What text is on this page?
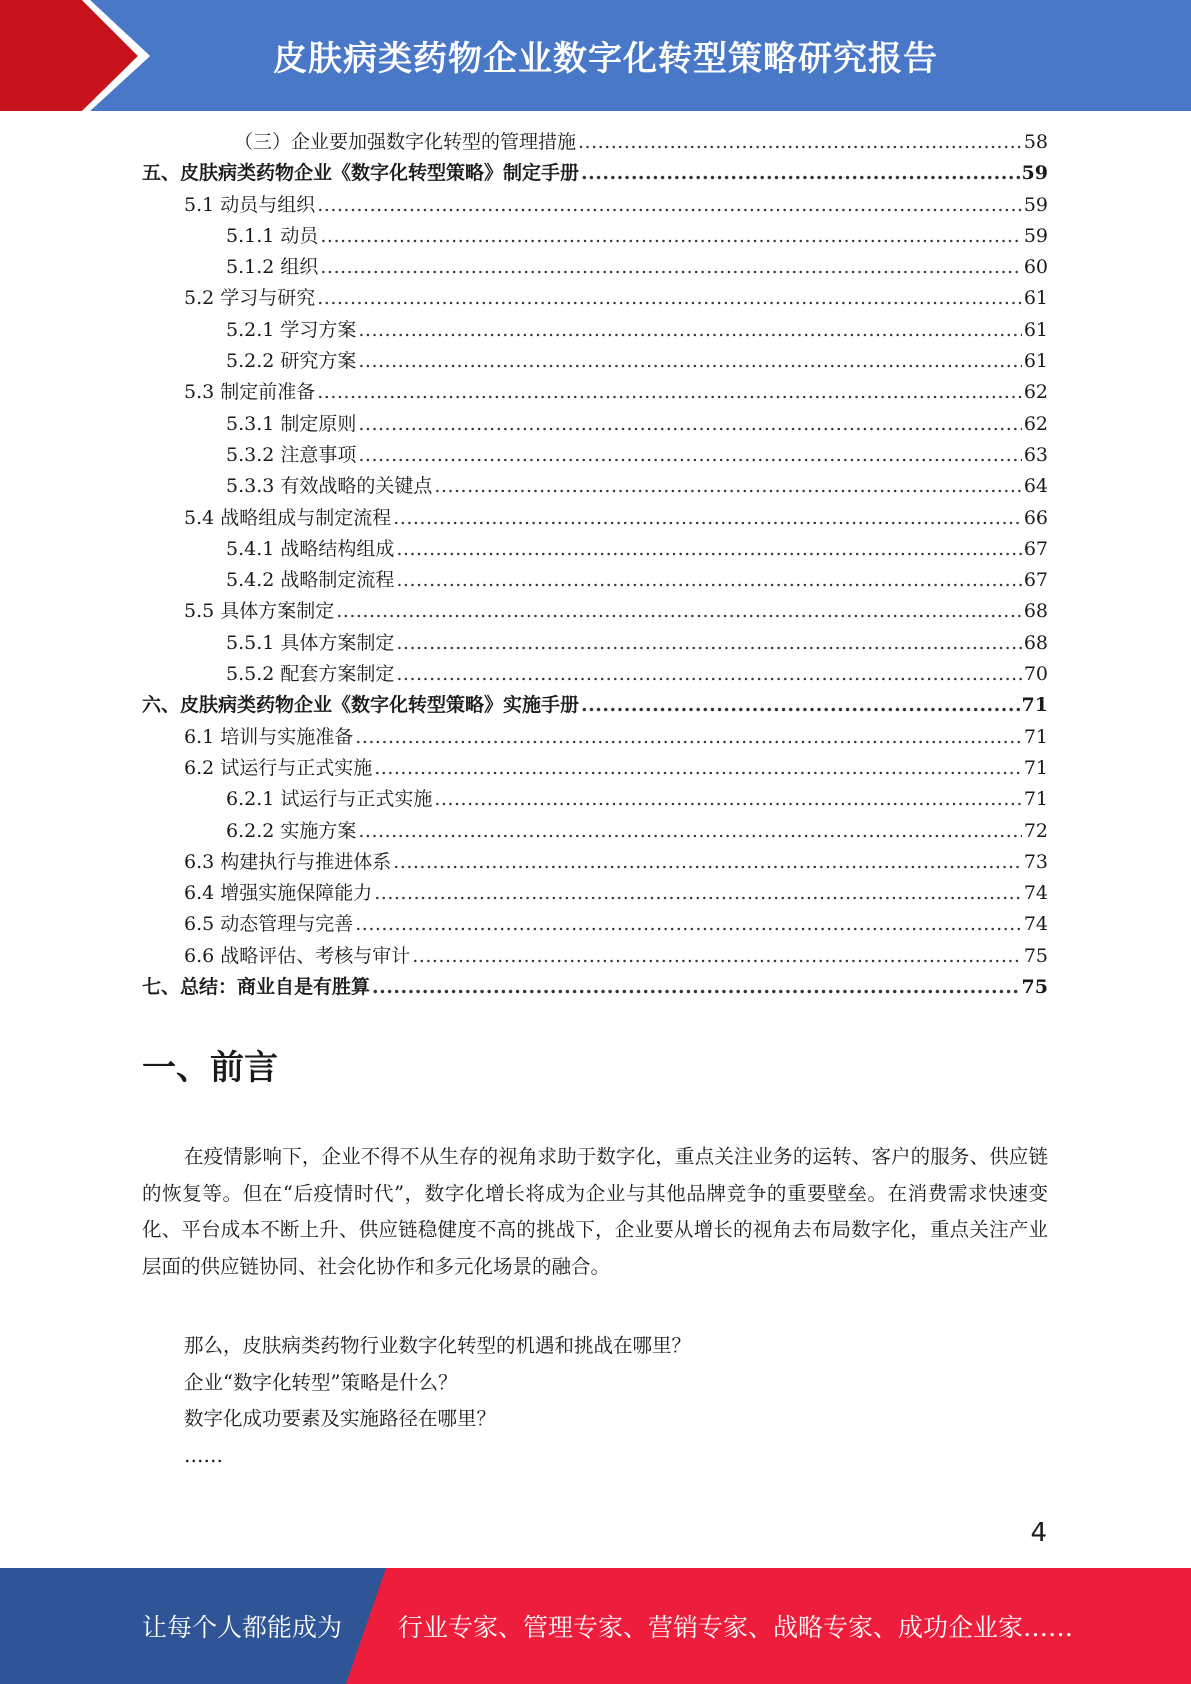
皮肤病类药物企业数字化转型策略研究报告
（三）企业要加强数字化转型的管理措施 .....	58
五、皮肤病类药物企业《数字化转型策略》制定手册 .....	59
5.1 动员与组织 .....	59
5.1.1 动员 .....	59
5.1.2 组织 .....	60
5.2 学习与研究 .....	61
5.2.1 学习方案 .....	61
5.2.2 研究方案 .....	61
5.3 制定前准备 .....	62
5.3.1 制定原则 .....	62
5.3.2 注意事项 .....	63
5.3.3 有效战略的关键点 .....	64
5.4 战略组成与制定流程 .....	66
5.4.1 战略结构组成 .....	67
5.4.2 战略制定流程 .....	67
5.5 具体方案制定 .....	68
5.5.1 具体方案制定 .....	68
5.5.2 配套方案制定 .....	70
六、皮肤病类药物企业《数字化转型策略》实施手册 .....	71
6.1 培训与实施准备 .....	71
6.2 试运行与正式实施 .....	71
6.2.1 试运行与正式实施 .....	71
6.2.2 实施方案 .....	72
6.3 构建执行与推进体系 .....	73
6.4 增强实施保障能力 .....	74
6.5 动态管理与完善 .....	74
6.6 战略评估、考核与审计 .....	75
七、总结：商业自是有胜算 .....	75
一、前言
在疫情影响下，企业不得不从生存的视角求助于数字化，重点关注业务的运转、客户的服务、供应链的恢复等。但在“后疫情时代”，数字化增长将成为企业与其他品牌竞争的重要壁垒。在消费需求快速变化、平台成本不断上升、供应链稳健度不高的挑战下，企业要从增长的视角去布局数字化，重点关注产业层面的供应链协同、社会化协作和多元化场景的融合。
那么，皮肤病类药物行业数字化转型的机遇和挑战在哪里？
企业“数字化转型”策略是什么？
数字化成功要素及实施路径在哪里？
……
4
让每个人都能成为 行业专家、管理专家、营销专家、战略专家、成功企业家……
